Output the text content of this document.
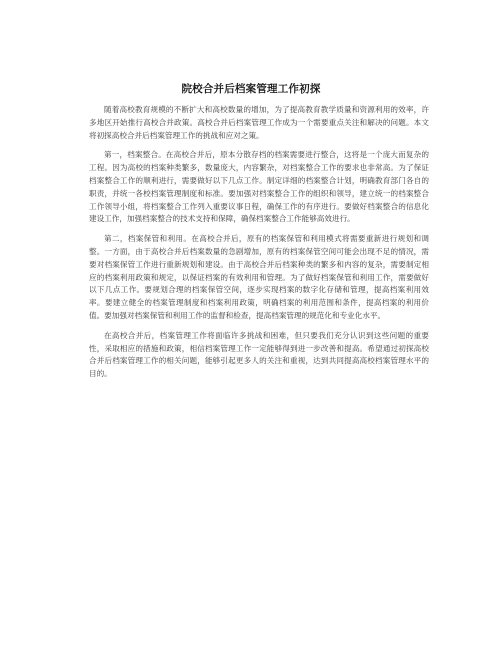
院校合并后档案管理工作初探

随着高校教育规模的不断扩大和高校数量的增加，为了提高教育教学质量和资源利用的效率，许多地区开始推行高校合并政策。高校合并后档案管理工作成为一个需要重点关注和解决的问题。本文将初探高校合并后档案管理工作的挑战和应对之策。

第一，档案整合。在高校合并后，原本分散存档的档案需要进行整合，这将是一个庞大而复杂的工程。因为高校的档案种类繁多，数量庞大，内容繁杂，对档案整合工作的要求也非常高。为了保证档案整合工作的顺利进行，需要做好以下几点工作。制定详细的档案整合计划，明确教育部门各自的职责，并统一各校档案管理制度和标准。要加强对档案整合工作的组织和领导，建立统一的档案整合工作领导小组，将档案整合工作列入重要议事日程，确保工作的有序进行。要做好档案整合的信息化建设工作，加强档案整合的技术支持和保障，确保档案整合工作能够高效进行。

第二，档案保管和利用。在高校合并后，原有的档案保管和利用模式将需要重新进行规划和调整。一方面，由于高校合并后档案数量的急剧增加，原有的档案保管空间可能会出现不足的情况，需要对档案保管工作进行重新规划和建设。由于高校合并后档案种类的繁多和内容的复杂，需要制定相应的档案利用政策和规定，以保证档案的有效利用和管理。为了做好档案保管和利用工作，需要做好以下几点工作。要规划合理的档案保管空间，逐步实现档案的数字化存储和管理，提高档案利用效率。要建立健全的档案管理制度和档案利用政策，明确档案的利用范围和条件，提高档案的利用价值。要加强对档案保管和利用工作的监督和检查，提高档案管理的规范化和专业化水平。

在高校合并后，档案管理工作将面临许多挑战和困难，但只要我们充分认识到这些问题的重要性，采取相应的措施和政策，相信档案管理工作一定能够得到进一步改善和提高。希望通过初探高校合并后档案管理工作的相关问题，能够引起更多人的关注和重视，达到共同提高高校档案管理水平的目的。
